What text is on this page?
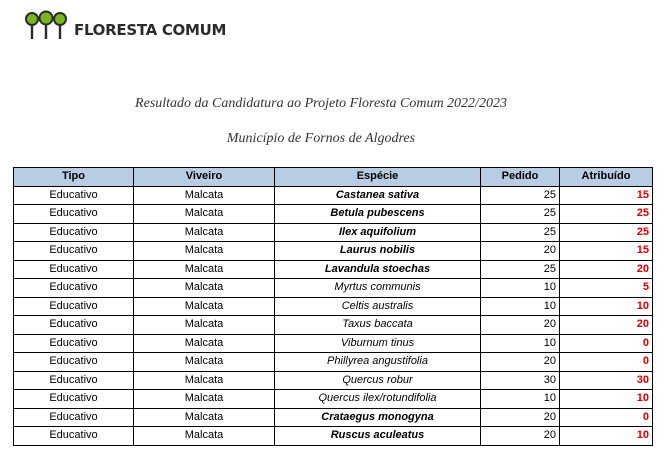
FLORESTA COMUM
Resultado da Candidatura ao Projeto Floresta Comum 2022/2023
Município de Fornos de Algodres
Tipo	Viveiro	Espécie	Pedido	Atribuído
Educativo	Malcata	Castanea sativa	25	15
Educativo	Malcata	Betula pubescens	25	25
Educativo	Malcata	Ilex aquifolium	25	25
Educativo	Malcata	Laurus nobilis	20	15
Educativo	Malcata	Lavandula stoechas	25	20
Educativo	Malcata	Myrtus communis	10	5
Educativo	Malcata	Celtis australis	10	10
Educativo	Malcata	Taxus baccata	20	20
Educativo	Malcata	Viburnum tinus	10	0
Educativo	Malcata	Phillyrea angustifolia	20	0
Educativo	Malcata	Quercus robur	30	30
Educativo	Malcata	Quercus ilex/rotundifolia	10	10
Educativo	Malcata	Crataegus monogyna	20	0
Educativo	Malcata	Ruscus aculeatus	20	10
